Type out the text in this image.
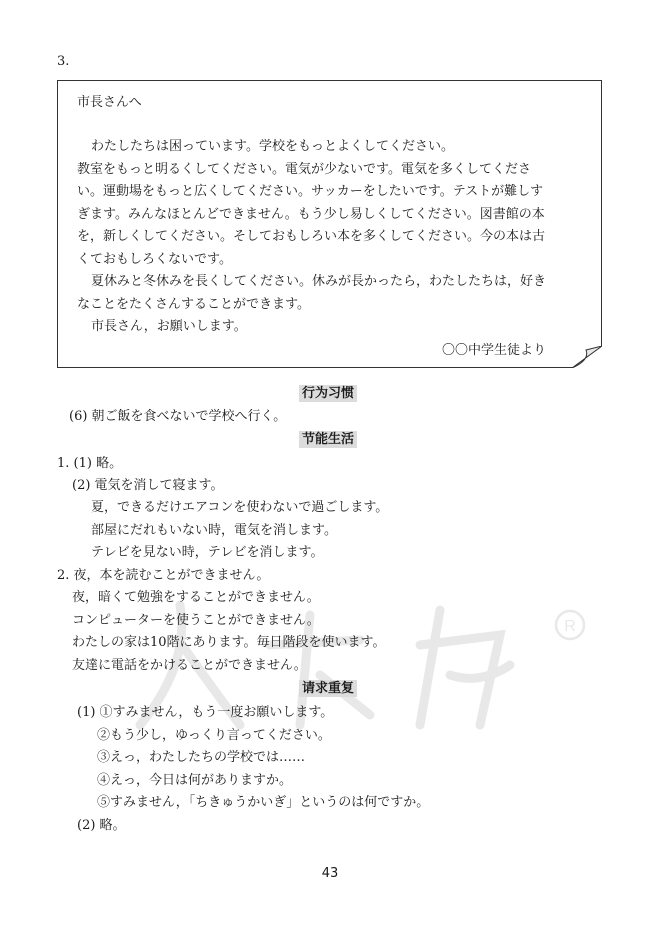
3.
市長さんへ
わたしたちは困っています。学校をもっとよくしてください。
教室をもっと明るくしてください。電気が少ないです。電気を多くしてくださ
い。運動場をもっと広くしてください。サッカーをしたいです。テストが難しす
ぎます。みんなほとんどできません。もう少し易しくしてください。図書館の本
を，新しくしてください。そしておもしろい本を多くしてください。今の本は古
くておもしろくないです。
夏休みと冬休みを長くしてください。休みが長かったら，わたしたちは，好き
なことをたくさんすることができます。
市長さん，お願いします。
〇〇中学生徒より
R
行为习惯
(6) 朝ご飯を食べないで学校へ行く。
节能生活
1. (1) 略。
(2) 電気を消して寝ます。
夏，できるだけエアコンを使わないで過ごします。
部屋にだれもいない時，電気を消します。
テレビを見ない時，テレビを消します。
2. 夜，本を読むことができません。
夜，暗くて勉強をすることができません。
コンピューターを使うことができません。
わたしの家は10階にあります。毎日階段を使います。
友達に電話をかけることができません。
请求重复
(1) ①すみません，もう一度お願いします。
②もう少し，ゆっくり言ってください。
③えっ，わたしたちの学校では……
④えっ，今日は何がありますか。
⑤すみません，「ちきゅうかいぎ」というのは何ですか。
(2) 略。
43
